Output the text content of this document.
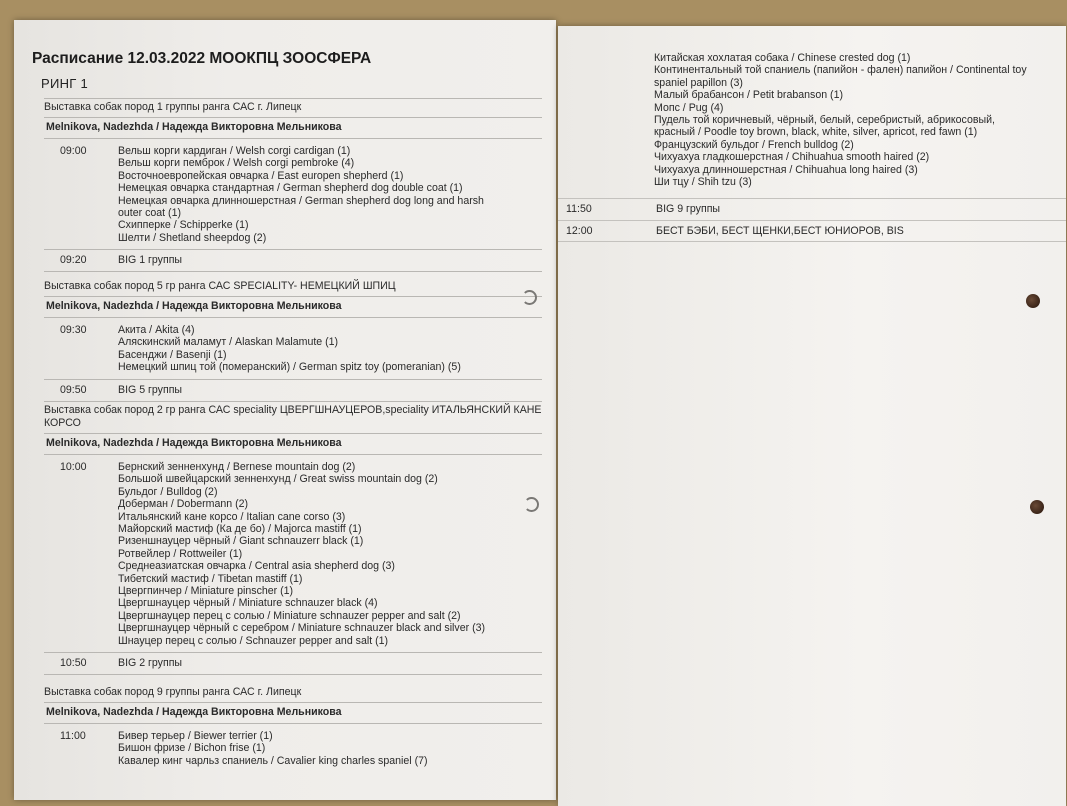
Расписание 12.03.2022 МООКПЦ ЗООСФЕРА
РИНГ 1
Выставка собак пород 1 группы ранга САС г. Липецк
Melnikova, Nadezhda / Надежда Викторовна Мельникова
09:00	Вельш корги кардиган / Welsh corgi cardigan (1)
Вельш корги пемброк / Welsh corgi pembroke (4)
Восточноевропейская овчарка / East europen shepherd (1)
Немецкая овчарка стандартная / German shepherd dog double coat (1)
Немецкая овчарка длинношерстная / German shepherd dog long and harsh
outer coat (1)
Схипперке / Schipperke (1)
Шелти / Shetland sheepdog (2)
09:20	BIG 1 группы
Выставка собак пород 5 гр ранга САС SPECIALITY- НЕМЕЦКИЙ ШПИЦ
Melnikova, Nadezhda / Надежда Викторовна Мельникова
09:30	Акита / Akita (4)
Аляскинский маламут / Alaskan Malamute (1)
Басенджи / Basenji (1)
Немецкий шпиц той (померанский) / German spitz toy (pomeranian) (5)
09:50	BIG 5 группы
Выставка собак пород 2 гр ранга САС speciality ЦВЕРГШНАУЦЕРОВ,speciality ИТАЛЬЯНСКИЙ КАНЕ КОРСО
Melnikova, Nadezhda / Надежда Викторовна Мельникова
10:00	Бернский зенненхунд / Bernese mountain dog (2)
Большой швейцарский зенненхунд / Great swiss mountain dog (2)
Бульдог / Bulldog (2)
Доберман / Dobermann (2)
Итальянский кане корсо / Italian cane corso (3)
Майорский мастиф (Ка де бо) / Majorca mastiff (1)
Ризеншнауцер чёрный / Giant schnauzerr black (1)
Ротвейлер / Rottweiler (1)
Среднеазиатская овчарка / Central asia shepherd dog (3)
Тибетский мастиф / Tibetan mastiff (1)
Цвергпинчер / Miniature pinscher (1)
Цвергшнауцер чёрный / Miniature schnauzer black (4)
Цвергшнауцер перец с солью / Miniature schnauzer pepper and salt (2)
Цвергшнауцер чёрный с серебром / Miniature schnauzer black and silver (3)
Шнауцер перец с солью / Schnauzer pepper and salt (1)
10:50	BIG 2 группы
Выставка собак пород 9 группы ранга САС г. Липецк
Melnikova, Nadezhda / Надежда Викторовна Мельникова
11:00	Бивер терьер / Biewer terrier (1)
Бишон фризе / Bichon frise (1)
Кавалер кинг чарльз спаниель / Cavalier king charles spaniel (7)
Китайская хохлатая собака / Chinese crested dog (1)
Континентальный той спаниель (папийон - фален) папийон / Continental toy
spaniel papillon (3)
Малый брабансон / Petit brabanson (1)
Мопс / Pug (4)
Пудель той коричневый, чёрный, белый, серебристый, абрикосовый,
красный / Poodle toy brown, black, white, silver, apricot, red fawn (1)
Французский бульдог / French bulldog (2)
Чихуахуа гладкошерстная / Chihuahua smooth haired (2)
Чихуахуа длинношерстная / Chihuahua long haired (3)
Ши тцу / Shih tzu (3)
11:50	BIG 9 группы
12:00	БЕСТ БЭБИ, БЕСТ ЩЕНКИ,БЕСТ ЮНИОРОВ, BIS
